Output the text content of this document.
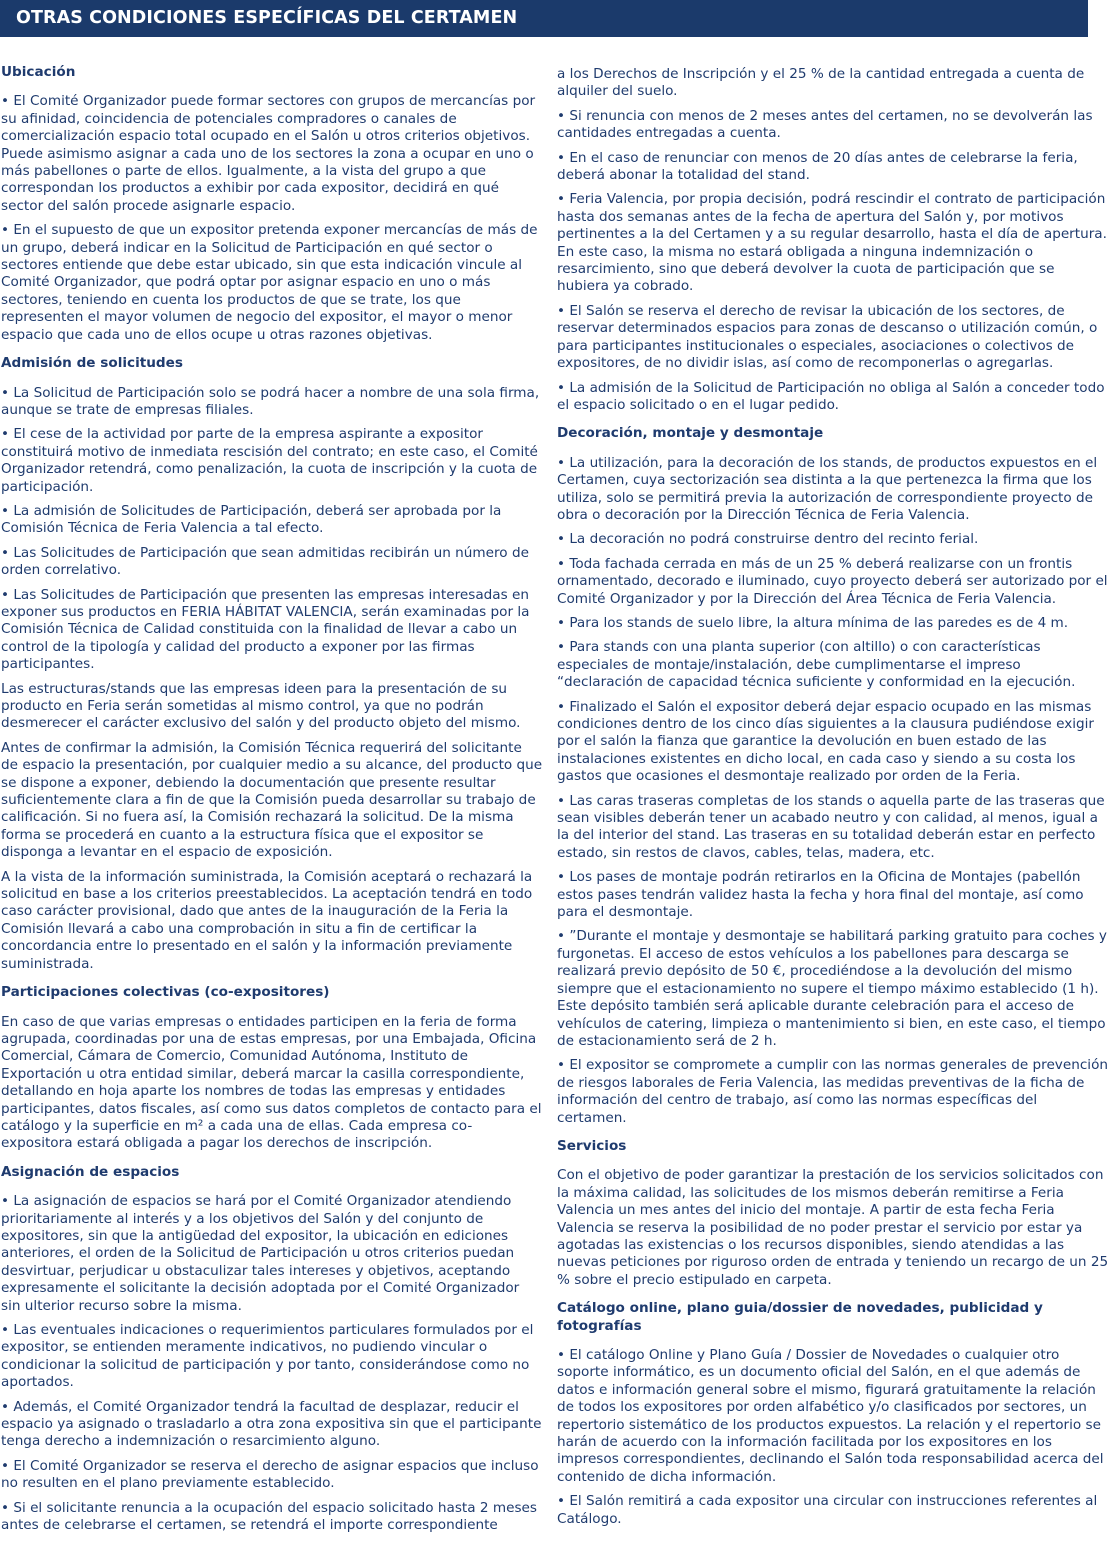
OTRAS CONDICIONES ESPECÍFICAS DEL CERTAMEN
Ubicación

• El Comité Organizador puede formar sectores con grupos de mercancías por su afinidad, coincidencia de potenciales compradores o canales de comercialización espacio total ocupado en el Salón u otros criterios objetivos. Puede asimismo asignar a cada uno de los sectores la zona a ocupar en uno o más pabellones o parte de ellos. Igualmente, a la vista del grupo a que correspondan los productos a exhibir por cada expositor, decidirá en qué sector del salón procede asignarle espacio.

• En el supuesto de que un expositor pretenda exponer mercancías de más de un grupo, deberá indicar en la Solicitud de Participación en qué sector o sectores entiende que debe estar ubicado, sin que esta indicación vincule al Comité Organizador, que podrá optar por asignar espacio en uno o más sectores, teniendo en cuenta los productos de que se trate, los que representen el mayor volumen de negocio del expositor, el mayor o menor espacio que cada uno de ellos ocupe u otras razones objetivas.

Admisión de solicitudes

• La Solicitud de Participación solo se podrá hacer a nombre de una sola firma, aunque se trate de empresas filiales.

• El cese de la actividad por parte de la empresa aspirante a expositor constituirá motivo de inmediata rescisión del contrato; en este caso, el Comité Organizador retendrá, como penalización, la cuota de inscripción y la cuota de participación.

• La admisión de Solicitudes de Participación, deberá ser aprobada por la Comisión Técnica de Feria Valencia a tal efecto.

• Las Solicitudes de Participación que sean admitidas recibirán un número de orden correlativo.

• Las Solicitudes de Participación que presenten las empresas interesadas en exponer sus productos en FERIA HÁBITAT VALENCIA, serán examinadas por la Comisión Técnica de Calidad constituida con la finalidad de llevar a cabo un control de la tipología y calidad del producto a exponer por las firmas participantes.

Las estructuras/stands que las empresas ideen para la presentación de su producto en Feria serán sometidas al mismo control, ya que no podrán desmerecer el carácter exclusivo del salón y del producto objeto del mismo.

Antes de confirmar la admisión, la Comisión Técnica requerirá del solicitante de espacio la presentación, por cualquier medio a su alcance, del producto que se dispone a exponer, debiendo la documentación que presente resultar suficientemente clara a fin de que la Comisión pueda desarrollar su trabajo de calificación. Si no fuera así, la Comisión rechazará la solicitud. De la misma forma se procederá en cuanto a la estructura física que el expositor se disponga a levantar en el espacio de exposición.

A la vista de la información suministrada, la Comisión aceptará o rechazará la solicitud en base a los criterios preestablecidos. La aceptación tendrá en todo caso carácter provisional, dado que antes de la inauguración de la Feria la Comisión llevará a cabo una comprobación in situ a fin de certificar la concordancia entre lo presentado en el salón y la información previamente suministrada.

Participaciones colectivas (co-expositores)

En caso de que varias empresas o entidades participen en la feria de forma agrupada, coordinadas por una de estas empresas, por una Embajada, Oficina Comercial, Cámara de Comercio, Comunidad Autónoma, Instituto de Exportación u otra entidad similar, deberá marcar la casilla correspondiente, detallando en hoja aparte los nombres de todas las empresas y entidades participantes, datos fiscales, así como sus datos completos de contacto para el catálogo y la superficie en m² a cada una de ellas. Cada empresa co-expositora estará obligada a pagar los derechos de inscripción.

Asignación de espacios

• La asignación de espacios se hará por el Comité Organizador atendiendo prioritariamente al interés y a los objetivos del Salón y del conjunto de expositores, sin que la antigüedad del expositor, la ubicación en ediciones anteriores, el orden de la Solicitud de Participación u otros criterios puedan desvirtuar, perjudicar u obstaculizar tales intereses y objetivos, aceptando expresamente el solicitante la decisión adoptada por el Comité Organizador sin ulterior recurso sobre la misma.

• Las eventuales indicaciones o requerimientos particulares formulados por el expositor, se entienden meramente indicativos, no pudiendo vincular o condicionar la solicitud de participación y por tanto, considerándose como no aportados.

• Además, el Comité Organizador tendrá la facultad de desplazar, reducir el espacio ya asignado o trasladarlo a otra zona expositiva sin que el participante tenga derecho a indemnización o resarcimiento alguno.

• El Comité Organizador se reserva el derecho de asignar espacios que incluso no resulten en el plano previamente establecido.

• Si el solicitante renuncia a la ocupación del espacio solicitado hasta 2 meses antes de celebrarse el certamen, se retendrá el importe correspondiente

a los Derechos de Inscripción y el 25 % de la cantidad entregada a cuenta de alquiler del suelo.

• Si renuncia con menos de 2 meses antes del certamen, no se devolverán las cantidades entregadas a cuenta.

• En el caso de renunciar con menos de 20 días antes de celebrarse la feria, deberá abonar la totalidad del stand.

• Feria Valencia, por propia decisión, podrá rescindir el contrato de participación hasta dos semanas antes de la fecha de apertura del Salón y, por motivos pertinentes a la del Certamen y a su regular desarrollo, hasta el día de apertura. En este caso, la misma no estará obligada a ninguna indemnización o resarcimiento, sino que deberá devolver la cuota de participación que se hubiera ya cobrado.

• El Salón se reserva el derecho de revisar la ubicación de los sectores, de reservar determinados espacios para zonas de descanso o utilización común, o para participantes institucionales o especiales, asociaciones o colectivos de expositores, de no dividir islas, así como de recomponerlas o agregarlas.

• La admisión de la Solicitud de Participación no obliga al Salón a conceder todo el espacio solicitado o en el lugar pedido.

Decoración, montaje y desmontaje

• La utilización, para la decoración de los stands, de productos expuestos en el Certamen, cuya sectorización sea distinta a la que pertenezca la firma que los utiliza, solo se permitirá previa la autorización de correspondiente proyecto de obra o decoración por la Dirección Técnica de Feria Valencia.

• La decoración no podrá construirse dentro del recinto ferial.

• Toda fachada cerrada en más de un 25 % deberá realizarse con un frontis ornamentado, decorado e iluminado, cuyo proyecto deberá ser autorizado por el Comité Organizador y por la Dirección del Área Técnica de Feria Valencia.

• Para los stands de suelo libre, la altura mínima de las paredes es de 4 m.

• Para stands con una planta superior (con altillo) o con características especiales de montaje/instalación, debe cumplimentarse el impreso “declaración de capacidad técnica suficiente y conformidad en la ejecución.

• Finalizado el Salón el expositor deberá dejar espacio ocupado en las mismas condiciones dentro de los cinco días siguientes a la clausura pudiéndose exigir por el salón la fianza que garantice la devolución en buen estado de las instalaciones existentes en dicho local, en cada caso y siendo a su costa los gastos que ocasiones el desmontaje realizado por orden de la Feria.

• Las caras traseras completas de los stands o aquella parte de las traseras que sean visibles deberán tener un acabado neutro y con calidad, al menos, igual a la del interior del stand. Las traseras en su totalidad deberán estar en perfecto estado, sin restos de clavos, cables, telas, madera, etc.

• Los pases de montaje podrán retirarlos en la Oficina de Montajes (pabellón estos pases tendrán validez hasta la fecha y hora final del montaje, así como para el desmontaje.

• ”Durante el montaje y desmontaje se habilitará parking gratuito para coches y furgonetas. El acceso de estos vehículos a los pabellones para descarga se realizará previo depósito de 50 €, procediéndose a la devolución del mismo siempre que el estacionamiento no supere el tiempo máximo establecido (1 h). Este depósito también será aplicable durante celebración para el acceso de vehículos de catering, limpieza o mantenimiento si bien, en este caso, el tiempo de estacionamiento será de 2 h.

• El expositor se compromete a cumplir con las normas generales de prevención de riesgos laborales de Feria Valencia, las medidas preventivas de la ficha de información del centro de trabajo, así como las normas específicas del certamen.

Servicios

Con el objetivo de poder garantizar la prestación de los servicios solicitados con la máxima calidad, las solicitudes de los mismos deberán remitirse a Feria Valencia un mes antes del inicio del montaje. A partir de esta fecha Feria Valencia se reserva la posibilidad de no poder prestar el servicio por estar ya agotadas las existencias o los recursos disponibles, siendo atendidas a las nuevas peticiones por riguroso orden de entrada y teniendo un recargo de un 25 % sobre el precio estipulado en carpeta.

Catálogo online, plano guia/dossier de novedades, publicidad y fotografías

• El catálogo Online y Plano Guía / Dossier de Novedades o cualquier otro soporte informático, es un documento oficial del Salón, en el que además de datos e información general sobre el mismo, figurará gratuitamente la relación de todos los expositores por orden alfabético y/o clasificados por sectores, un repertorio sistemático de los productos expuestos. La relación y el repertorio se harán de acuerdo con la información facilitada por los expositores en los impresos correspondientes, declinando el Salón toda responsabilidad acerca del contenido de dicha información.

• El Salón remitirá a cada expositor una circular con instrucciones referentes al Catálogo.
